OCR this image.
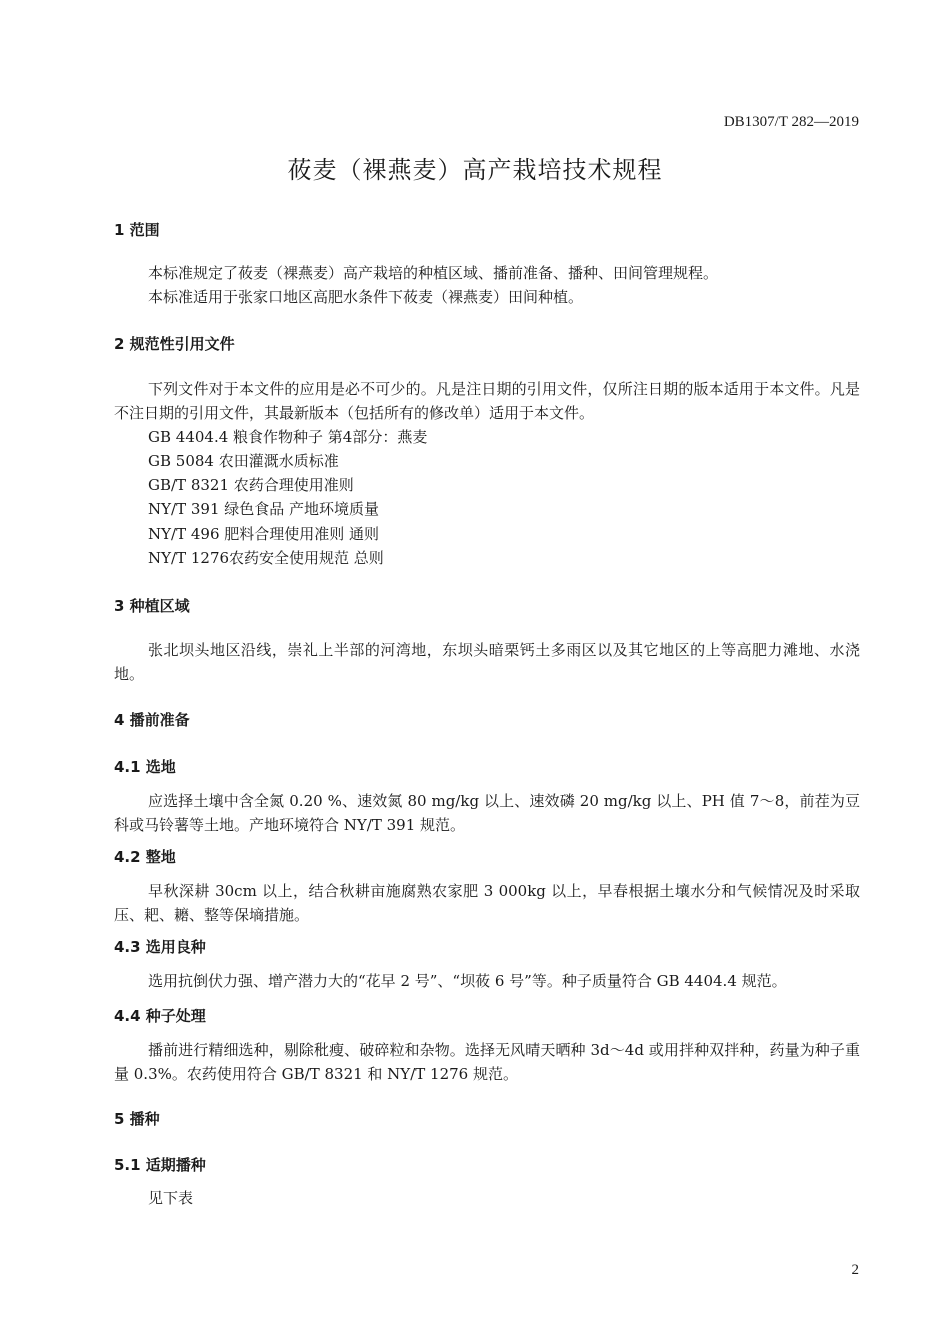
DB1307/T 282—2019
莜麦（裸燕麦）高产栽培技术规程
1 范围

本标准规定了莜麦（裸燕麦）高产栽培的种植区域、播前准备、播种、田间管理规程。

本标准适用于张家口地区高肥水条件下莜麦（裸燕麦）田间种植。

2 规范性引用文件

下列文件对于本文件的应用是必不可少的。凡是注日期的引用文件，仅所注日期的版本适用于本文件。凡是不注日期的引用文件，其最新版本（包括所有的修改单）适用于本文件。

GB 4404.4 粮食作物种子 第4部分：燕麦
GB 5084 农田灌溉水质标准
GB/T 8321 农药合理使用准则
NY/T 391 绿色食品 产地环境质量
NY/T 496 肥料合理使用准则 通则
NY/T 1276农药安全使用规范 总则
3 种植区域

张北坝头地区沿线，崇礼上半部的河湾地，东坝头暗栗钙土多雨区以及其它地区的上等高肥力滩地、水浇地。

4 播前准备
4.1 选地

应选择土壤中含全氮 0.20 %、速效氮 80 mg/kg 以上、速效磷 20 mg/kg 以上、PH 值 7～8，前茬为豆科或马铃薯等土地。产地环境符合 NY/T 391 规范。

4.2 整地

早秋深耕 30cm 以上，结合秋耕亩施腐熟农家肥 3 000kg 以上，早春根据土壤水分和气候情况及时采取压、耙、耱、整等保墒措施。

4.3 选用良种

选用抗倒伏力强、增产潜力大的“花早 2 号”、“坝莜 6 号”等。种子质量符合 GB 4404.4 规范。

4.4 种子处理

播前进行精细选种，剔除秕瘦、破碎粒和杂物。选择无风晴天晒种 3d～4d 或用拌种双拌种，药量为种子重量 0.3%。农药使用符合 GB/T 8321 和 NY/T 1276 规范。

5 播种
5.1 适期播种

见下表

2
